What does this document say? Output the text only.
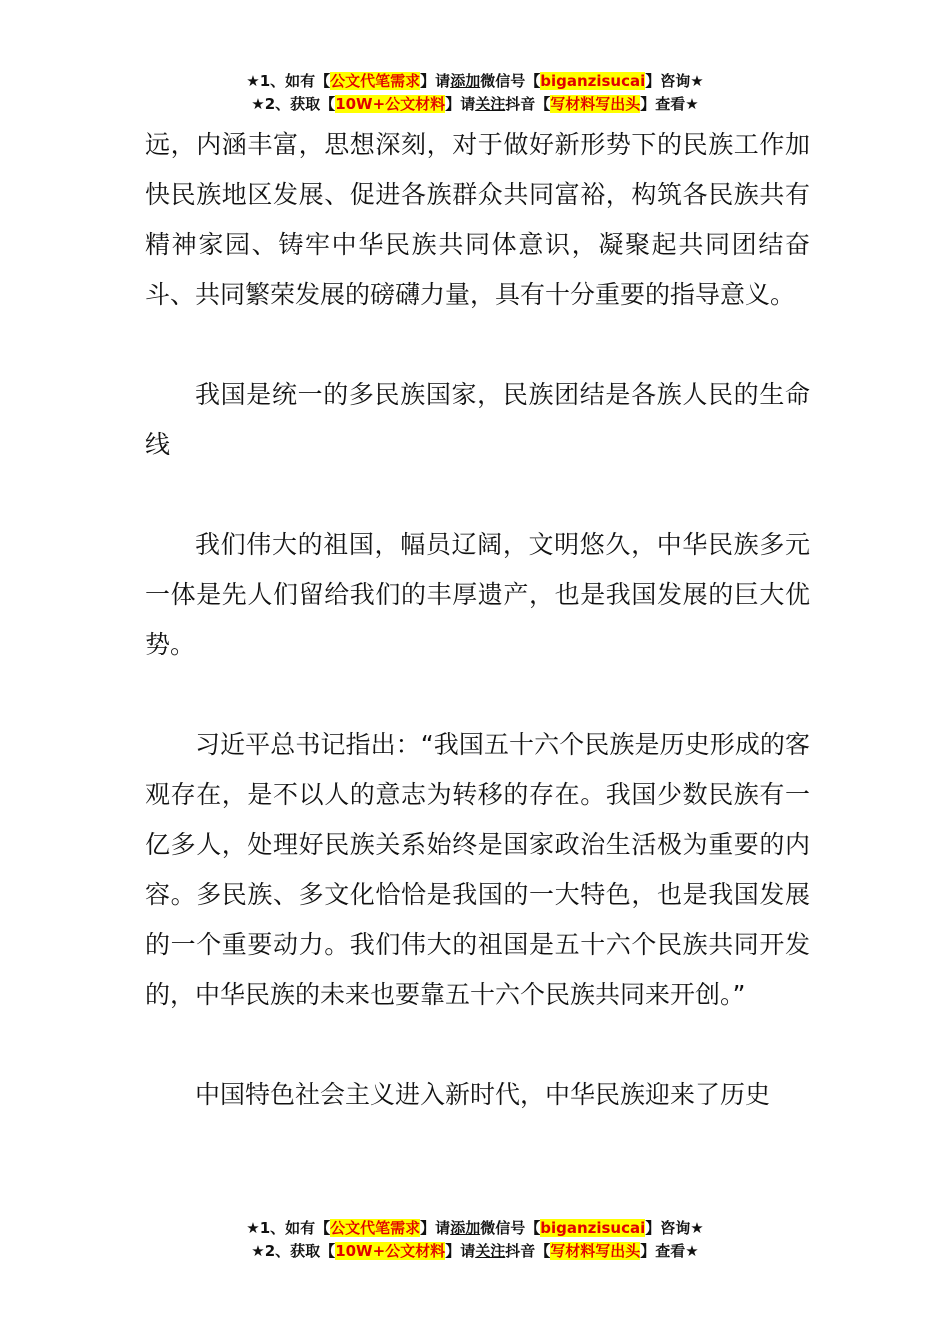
★1、如有【公文代笔需求】请添加微信号【biganzisucai】咨询★
★2、获取【10W+公文材料】请关注抖音【写材料写出头】查看★

远，内涵丰富，思想深刻，对于做好新形势下的民族工作加快民族地区发展、促进各族群众共同富裕，构筑各民族共有精神家园、铸牢中华民族共同体意识，凝聚起共同团结奋斗、共同繁荣发展的磅礴力量，具有十分重要的指导意义。

我国是统一的多民族国家，民族团结是各族人民的生命线

我们伟大的祖国，幅员辽阔，文明悠久，中华民族多元一体是先人们留给我们的丰厚遗产，也是我国发展的巨大优势。

习近平总书记指出：“我国五十六个民族是历史形成的客观存在，是不以人的意志为转移的存在。我国少数民族有一亿多人，处理好民族关系始终是国家政治生活极为重要的内容。多民族、多文化恰恰是我国的一大特色，也是我国发展的一个重要动力。我们伟大的祖国是五十六个民族共同开发的，中华民族的未来也要靠五十六个民族共同来开创。”

中国特色社会主义进入新时代，中华民族迎来了历史

★1、如有【公文代笔需求】请添加微信号【biganzisucai】咨询★
★2、获取【10W+公文材料】请关注抖音【写材料写出头】查看★
